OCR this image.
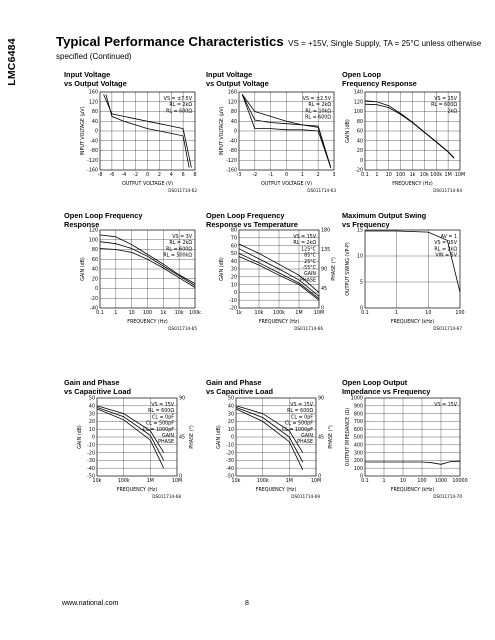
LMC6484	Typical Performance Characteristics VS = +15V, Single Supply, TA = 25°C unless otherwise
specified (Continued)
Input Voltage
vs Output Voltage
Input Voltage
vs Output Voltage
Open Loop
Frequency Response
Open Loop Frequency
Response
Open Loop Frequency
Response vs Temperature
Maximum Output Swing
vs Frequency
Gain and Phase
vs Capacitive Load
Gain and Phase
vs Capacitive Load
Open Loop Output
Impedance vs Frequency
-8 -6 -4 -2 0 2 4 6 8
160
120
80
40
0
-40
-80
-120
-160
OUTPUT VOLTAGE (V)
INPUT VOLTAGE (µV)
DS011714-62
VS = ±7.5V
RL = 2kΩ
RL = 600Ω
-3 -2 -1 0	1	2	3
160
120
80
40
0
-40
-80
-120
-160
OUTPUT VOLTAGE (V)
INPUT VOLTAGE (µV)
DS011714-63
VS = ±2.5V
RL = 2kΩ
RL = 10kΩ
RL = 600Ω
0.1 1 10 100 1k 10k 100k 1M 10M
140
120
100
80
60
40
20
0
-20
FREQUENCY (Hz)
GAIN (dB)
DS011714-64
VS = 15V
RL = 600Ω
2kΩ
0.1 1 10 100 1k 10k 100k
120
100
80
60
40
20
0
-20
-40
FREQUENCY (Hz)
GAIN (dB)
DS011714-65
VS = 3V
RL = 2kΩ
RL = 600Ω
RL = 500kΩ
1k	10k 100k 1M 10M
80
70
60
50
40
30
20
10
0
-10
-20
180
135
90
45
0
PHASE (°)
FREQUENCY (Hz)
GAIN (dB)
DS011714-66
VS = 15V
RL = 2kΩ
125°C
85°C
25°C
-55°C
GAIN
PHASE
0.1	1	10	100
15
10
5
0
FREQUENCY (kHz)
OUTPUT SWING (VP-P)
DS011714-67
AV = 1
VS = 15V
RL = 2kΩ
VIN = 5V
10k	100k	1M	10M
50
40
30
20
10
0
-10
-20
-30
-40
-50
90
45
0
PHASE (°)
FREQUENCY (Hz)
GAIN (dB)
DS011714-68
VS = 15V
RL = 600Ω
CL = 0pF
CL = 500pF
CL = 1000pF
GAIN
PHASE
10k	100k	1M	10M
50
40
30
20
10
0
-10
-20
-30
-40
-50
90
45
0
PHASE (°)
FREQUENCY (Hz)
GAIN (dB)
DS011714-69
VS = 15V
RL = 600Ω
CL = 0pF
CL = 500pF
CL = 1000pF
GAIN
PHASE
0.1	1	10 100 1000 10000
1000
900
800
700
600
500
400
300
200
100
0
FREQUENCY (kHz)
OUTPUT IMPEDANCE (Ω)
DS011714-70
VS = 15V
www.national.com	8
